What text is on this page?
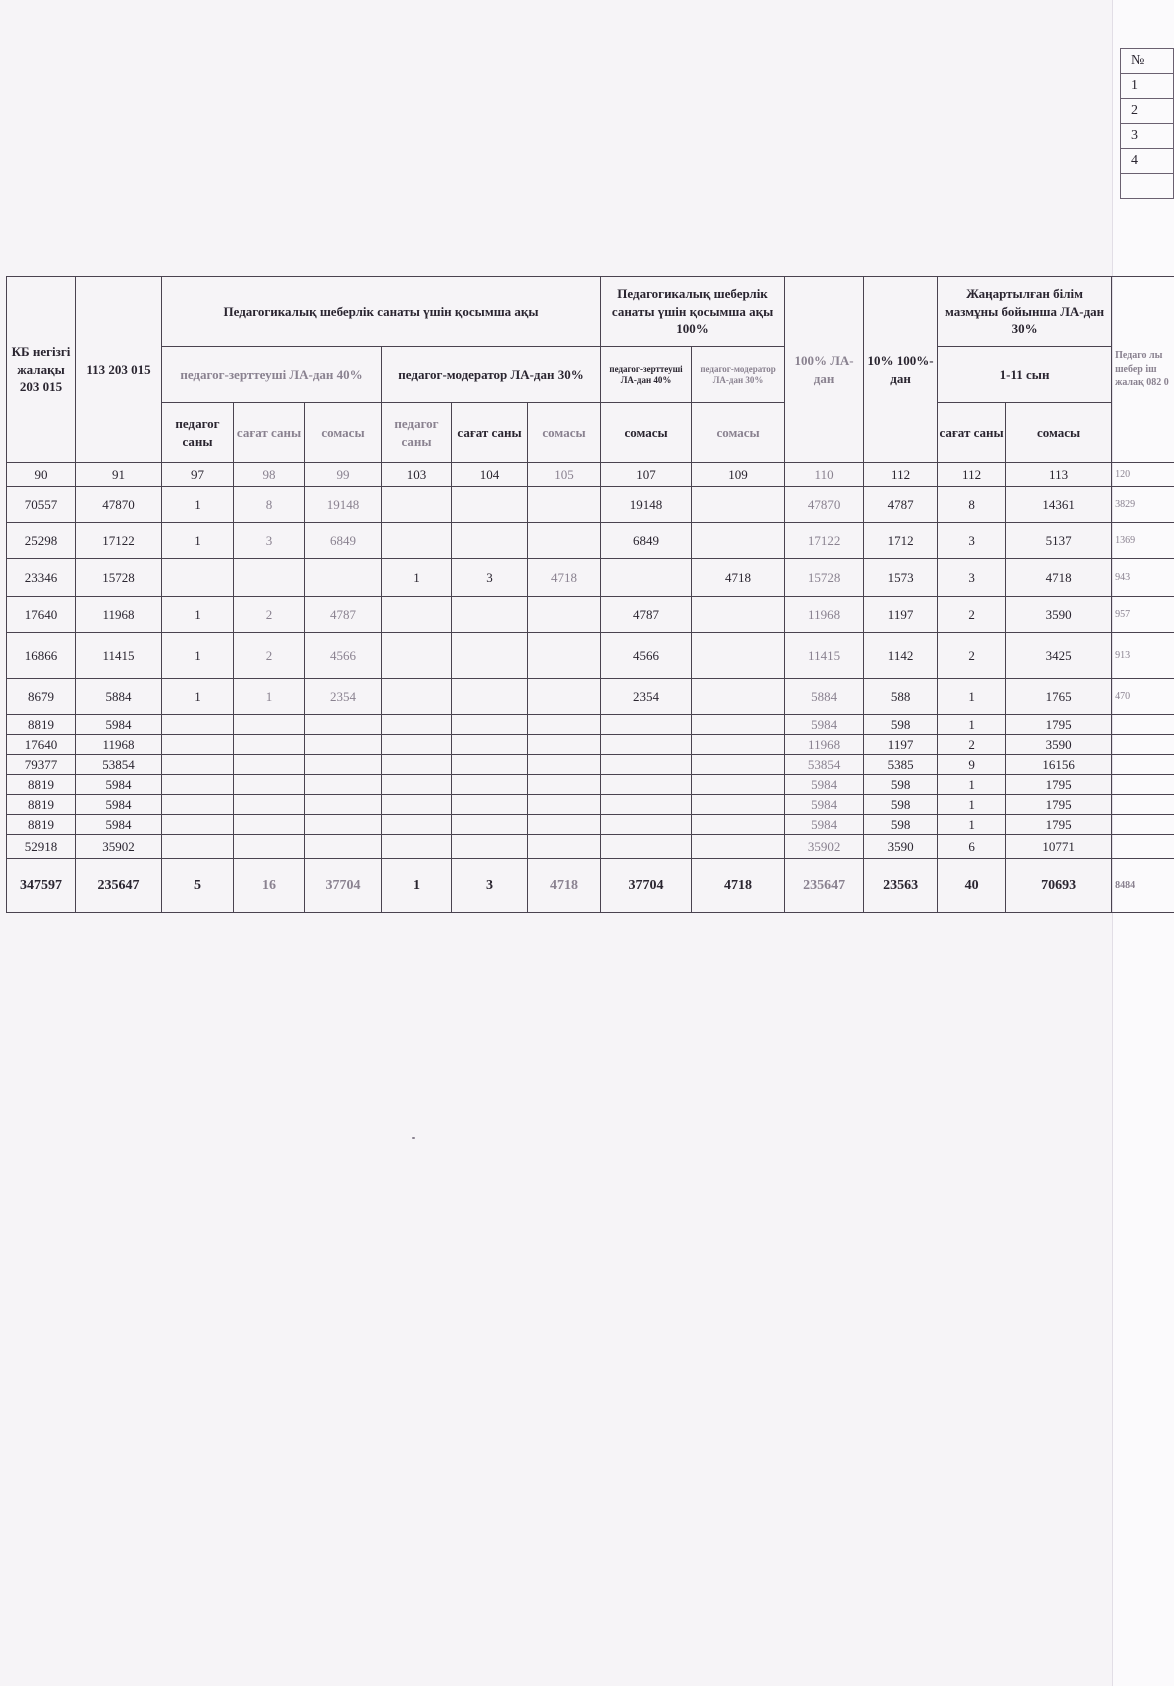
№
1
2
3
4

КБ негізгі жалақы 203 015	113 203 015	Педагогикалық шеберлік санаты үшін қосымша ақы						Педагогикалық шеберлік санаты үшін қосымша ақы 100%		100% ЛА-дан	10% 100%-дан	Жаңартылған білім мазмұны бойынша ЛА-дан 30%		Педаго лы шебер іш жалақ 082 0
		педагог-зерттеуші ЛА-дан 40%			педагог-модератор ЛА-дан 30%			педагог-зерттеуші ЛА-дан 40%	педагог-модератор ЛА-дан 30%			1-11 сын		
		педагог саны	сағат саны	сомасы	педагог саны	сағат саны	сомасы	сомасы	сомасы			сағат саны	сомасы	
90	91	97	98	99	103	104	105	107	109	110	112	112	113	120
70557	47870	1	8	19148				19148		47870	4787	8	14361	3829
25298	17122	1	3	6849				6849		17122	1712	3	5137	1369
23346	15728				1	3	4718		4718	15728	1573	3	4718	943
17640	11968	1	2	4787				4787		11968	1197	2	3590	957
16866	11415	1	2	4566				4566		11415	1142	2	3425	913
8679	5884	1	1	2354				2354		5884	588	1	1765	470
8819	5984									5984	598	1	1795	
17640	11968									11968	1197	2	3590	
79377	53854									53854	5385	9	16156	
8819	5984									5984	598	1	1795	
8819	5984									5984	598	1	1795	
8819	5984									5984	598	1	1795	
52918	35902									35902	3590	6	10771	
347597	235647	5	16	37704	1	3	4718	37704	4718	235647	23563	40	70693	8484
